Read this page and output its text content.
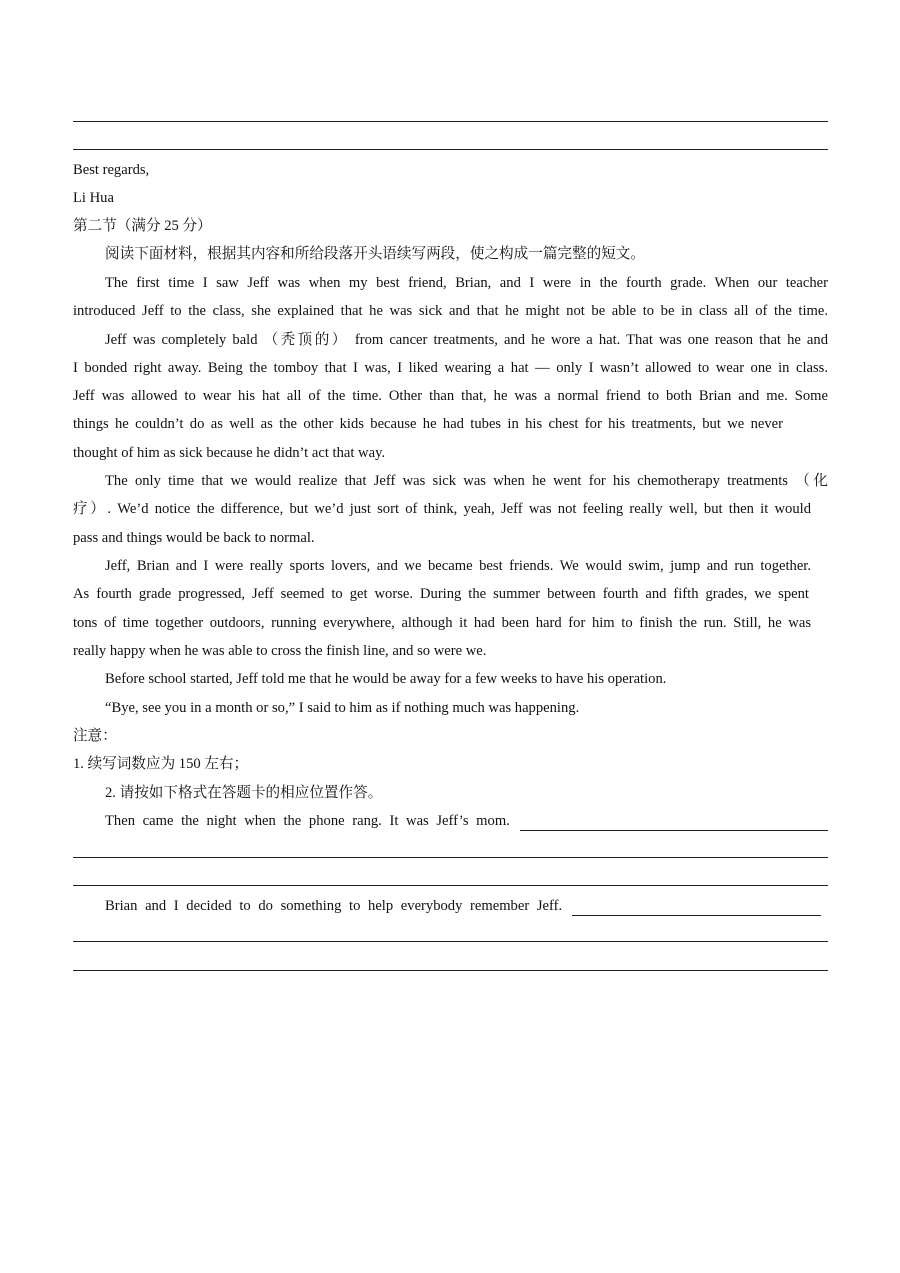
Best regards,
Li Hua
第二节（满分 25 分）
阅读下面材料，根据其内容和所给段落开头语续写两段，使之构成一篇完整的短文。
The first time I saw Jeff was when my best friend, Brian, and I were in the fourth grade. When our teacher
introduced Jeff to the class, she explained that he was sick and that he might not be able to be in class all of the time.
Jeff was completely bald （秃顶的） from cancer treatments, and he wore a hat. That was one reason that he and
I bonded right away. Being the tomboy that I was, I liked wearing a hat — only I wasn’t allowed to wear one in class.
Jeff was allowed to wear his hat all of the time. Other than that, he was a normal friend to both Brian and me. Some
things he couldn’t do as well as the other kids because he had tubes in his chest for his treatments, but we never
thought of him as sick because he didn’t act that way.
The only time that we would realize that Jeff was sick was when he went for his chemotherapy treatments （化
疗）. We’d notice the difference, but we’d just sort of think, yeah, Jeff was not feeling really well, but then it would
pass and things would be back to normal.
Jeff, Brian and I were really sports lovers, and we became best friends. We would swim, jump and run together.
As fourth grade progressed, Jeff seemed to get worse. During the summer between fourth and fifth grades, we spent
tons of time together outdoors, running everywhere, although it had been hard for him to finish the run. Still, he was
really happy when he was able to cross the finish line, and so were we.
Before school started, Jeff told me that he would be away for a few weeks to have his operation.
“Bye, see you in a month or so,” I said to him as if nothing much was happening.
注意：
1. 续写词数应为 150 左右；
2. 请按如下格式在答题卡的相应位置作答。
Then came the night when the phone rang. It was Jeff’s mom.
Brian and I decided to do something to help everybody remember Jeff.
